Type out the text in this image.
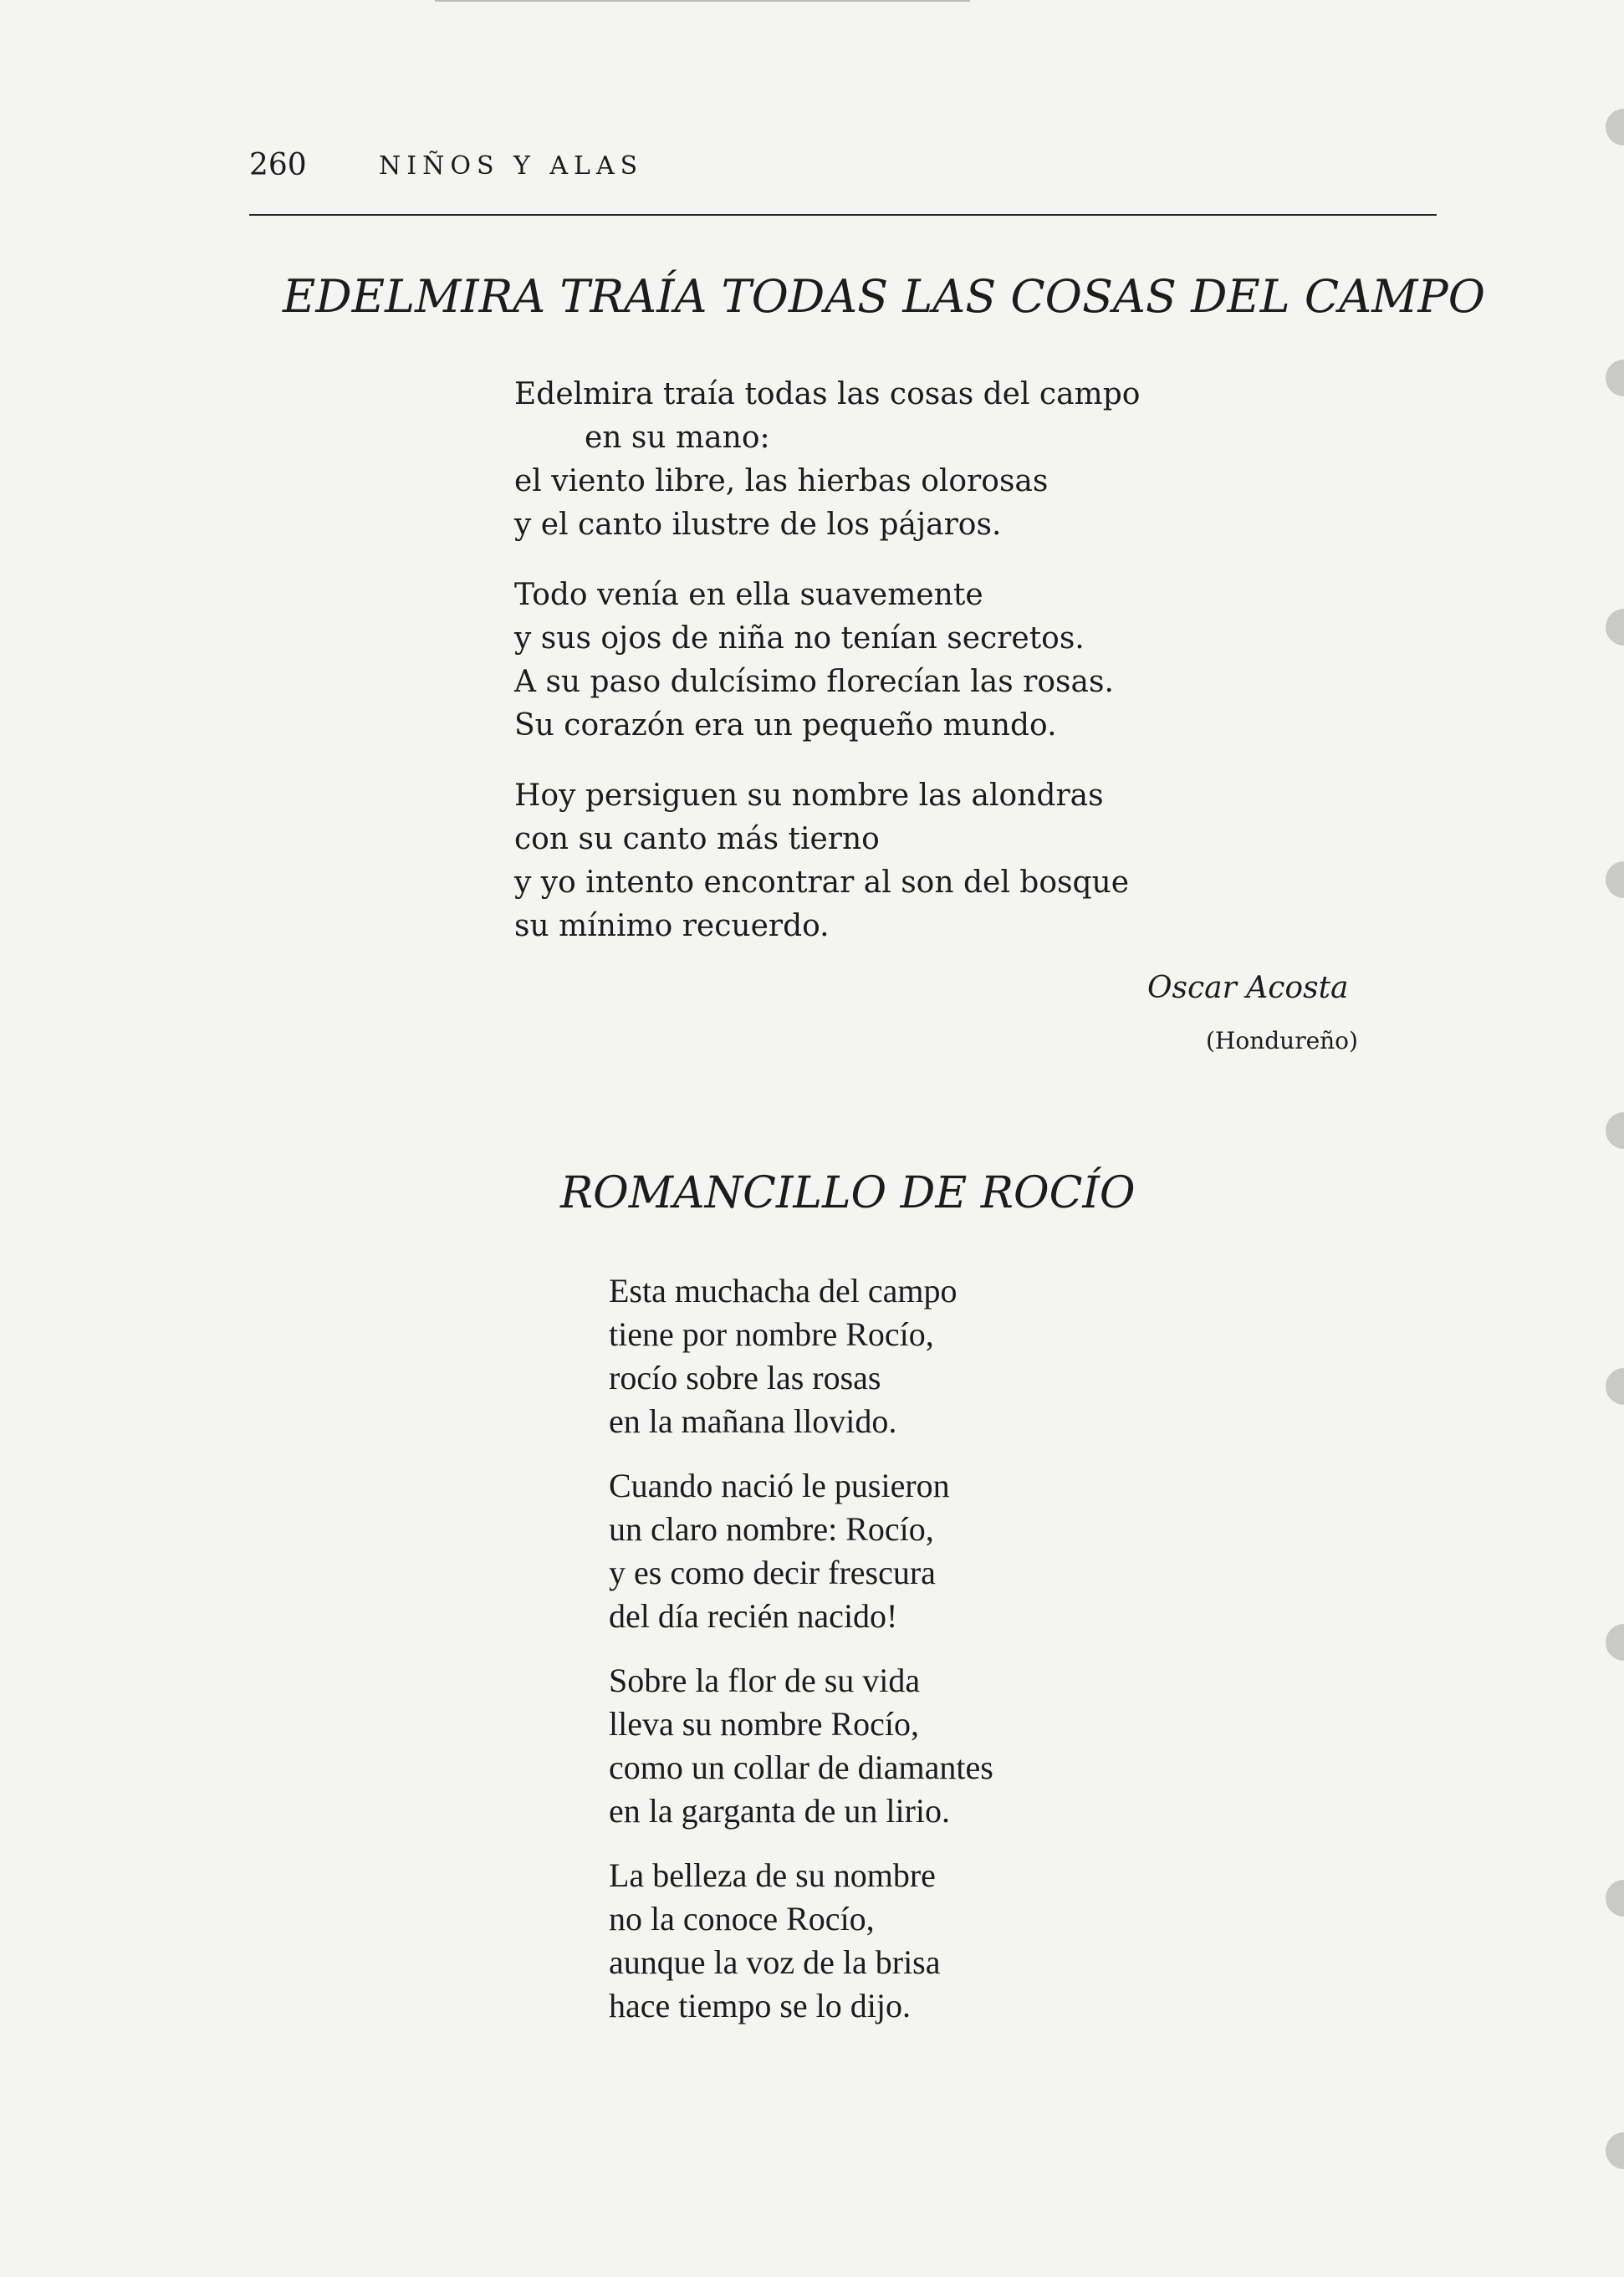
260	NIÑOS Y ALAS
EDELMIRA TRAÍA TODAS LAS COSAS DEL CAMPO

Edelmira traía todas las cosas del campo
en su mano:
el viento libre, las hierbas olorosas
y el canto ilustre de los pájaros.

Todo venía en ella suavemente
y sus ojos de niña no tenían secretos.
A su paso dulcísimo florecían las rosas.
Su corazón era un pequeño mundo.

Hoy persiguen su nombre las alondras
con su canto más tierno
y yo intento encontrar al son del bosque
su mínimo recuerdo.

Oscar Acosta
(Hondureño)
ROMANCILLO DE ROCÍO

Esta muchacha del campo
tiene por nombre Rocío,
rocío sobre las rosas
en la mañana llovido.

Cuando nació le pusieron
un claro nombre: Rocío,
y es como decir frescura
del día recién nacido!

Sobre la flor de su vida
lleva su nombre Rocío,
como un collar de diamantes
en la garganta de un lirio.

La belleza de su nombre
no la conoce Rocío,
aunque la voz de la brisa
hace tiempo se lo dijo.
